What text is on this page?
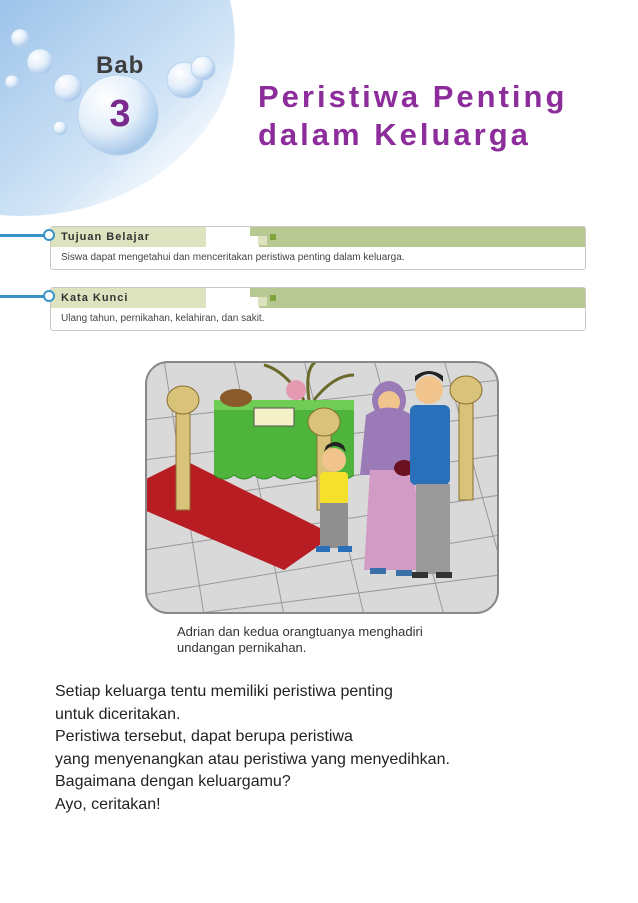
Bab
3	Peristiwa Penting
dalam Keluarga
Tujuan Belajar
Siswa dapat mengetahui dan menceritakan peristiwa penting dalam keluarga.
Kata Kunci
Ulang tahun, pernikahan, kelahiran, dan sakit.
Adrian dan kedua orangtuanya menghadiri
undangan pernikahan.
Setiap keluarga tentu memiliki peristiwa penting
untuk diceritakan.
Peristiwa tersebut, dapat berupa peristiwa
yang menyenangkan atau peristiwa yang menyedihkan.
Bagaimana dengan keluargamu?
Ayo, ceritakan!
